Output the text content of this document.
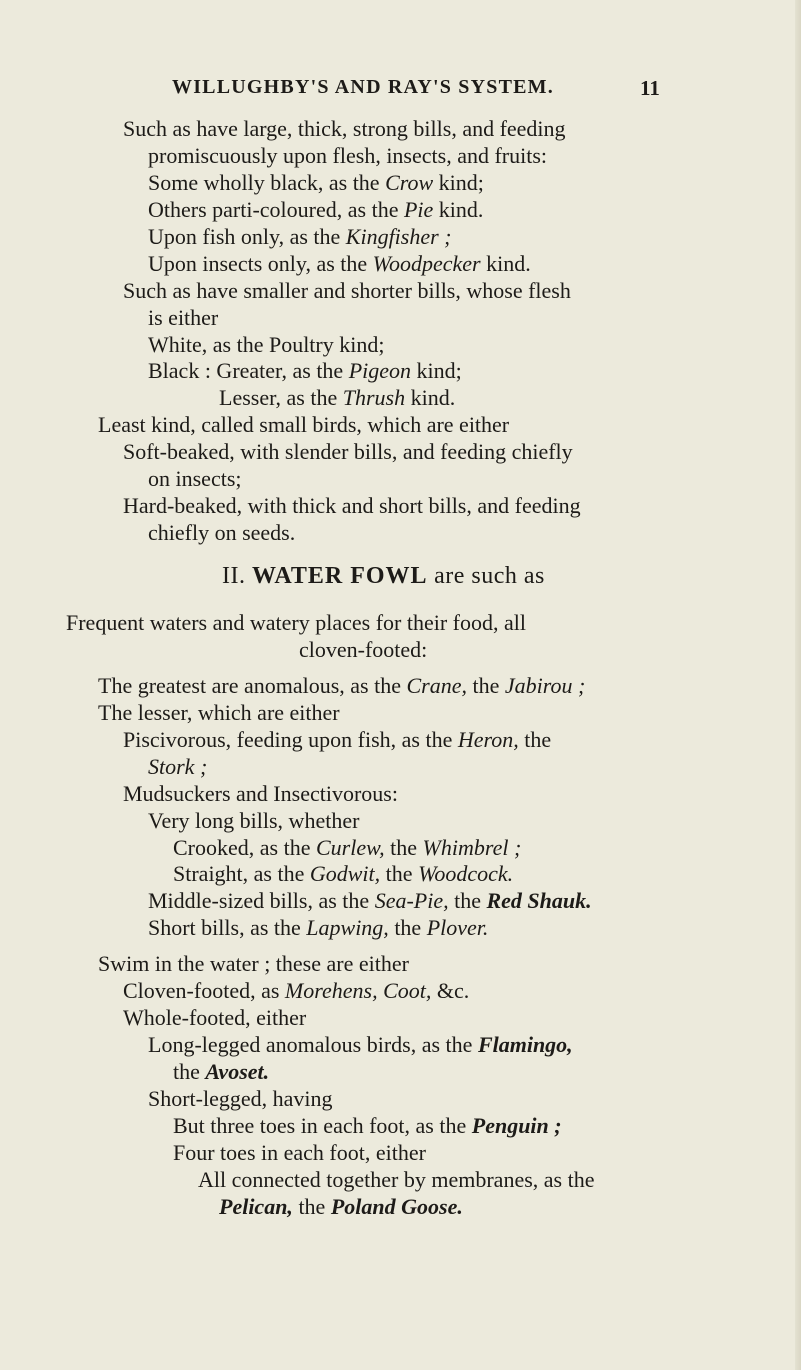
WILLUGHBY'S AND RAY'S SYSTEM.	11
Such as have large, thick, strong bills, and feeding
promiscuously upon flesh, insects, and fruits:
Some wholly black, as the Crow kind;
Others parti-coloured, as the Pie kind.
Upon fish only, as the Kingfisher ;
Upon insects only, as the Woodpecker kind.
Such as have smaller and shorter bills, whose flesh
is either
White, as the Poultry kind;
Black : Greater, as the Pigeon kind;
Lesser, as the Thrush kind.
Least kind, called small birds, which are either
Soft-beaked, with slender bills, and feeding chiefly
on insects;
Hard-beaked, with thick and short bills, and feeding
chiefly on seeds.
II. WATER FOWL are such as
Frequent waters and watery places for their food, all
cloven-footed:
The greatest are anomalous, as the Crane, the Jabirou ;
The lesser, which are either
Piscivorous, feeding upon fish, as the Heron, the
Stork ;
Mudsuckers and Insectivorous:
Very long bills, whether
Crooked, as the Curlew, the Whimbrel ;
Straight, as the Godwit, the Woodcock.
Middle-sized bills, as the Sea-Pie, the Red Shauk.
Short bills, as the Lapwing, the Plover.
Swim in the water ; these are either
Cloven-footed, as Morehens, Coot, &c.
Whole-footed, either
Long-legged anomalous birds, as the Flamingo,
the Avoset.
Short-legged, having
But three toes in each foot, as the Penguin ;
Four toes in each foot, either
All connected together by membranes, as the
Pelican, the Poland Goose.
